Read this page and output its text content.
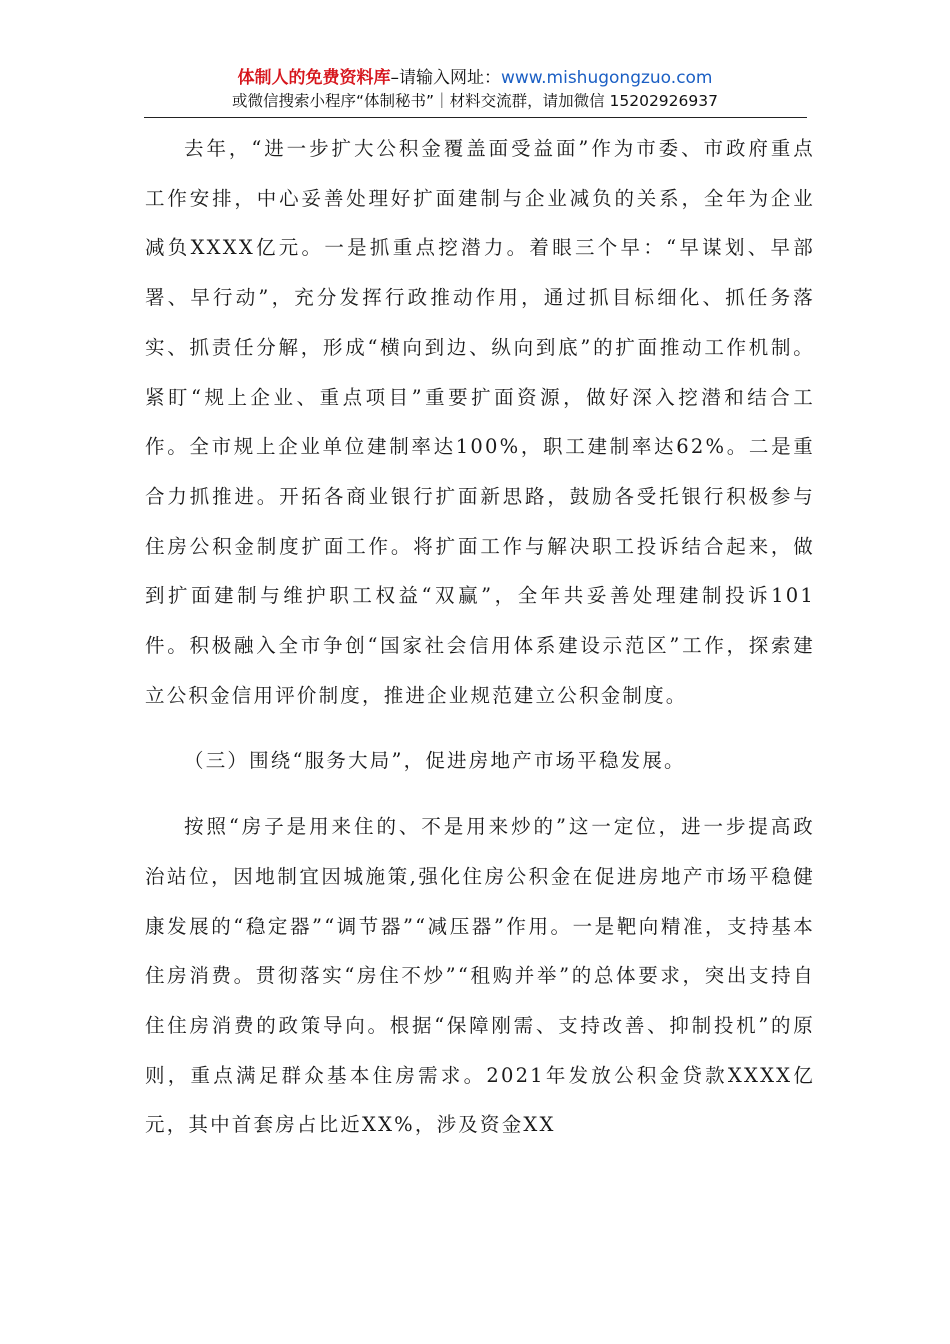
体制人的免费资料库–请输入网址：www.mishugongzuo.com
或微信搜索小程序“体制秘书”｜材料交流群，请加微信 15202926937

去年，“进一步扩大公积金覆盖面受益面”作为市委、市政府重点工作安排，中心妥善处理好扩面建制与企业减负的关系，全年为企业减负XXXX亿元。一是抓重点挖潜力。着眼三个早：“早谋划、早部署、早行动”，充分发挥行政推动作用，通过抓目标细化、抓任务落实、抓责任分解，形成“横向到边、纵向到底”的扩面推动工作机制。紧盯“规上企业、重点项目”重要扩面资源，做好深入挖潜和结合工作。全市规上企业单位建制率达100%，职工建制率达62%。二是重合力抓推进。开拓各商业银行扩面新思路，鼓励各受托银行积极参与住房公积金制度扩面工作。将扩面工作与解决职工投诉结合起来，做到扩面建制与维护职工权益“双赢”，全年共妥善处理建制投诉101件。积极融入全市争创“国家社会信用体系建设示范区”工作，探索建立公积金信用评价制度，推进企业规范建立公积金制度。

（三）围绕“服务大局”，促进房地产市场平稳发展。

按照“房子是用来住的、不是用来炒的”这一定位，进一步提高政治站位，因地制宜因城施策,强化住房公积金在促进房地产市场平稳健康发展的“稳定器”“调节器”“减压器”作用。一是靶向精准，支持基本住房消费。贯彻落实“房住不炒”“租购并举”的总体要求，突出支持自住住房消费的政策导向。根据“保障刚需、支持改善、抑制投机”的原则，重点满足群众基本住房需求。2021年发放公积金贷款XXXX亿元，其中首套房占比近XX%，涉及资金XX
